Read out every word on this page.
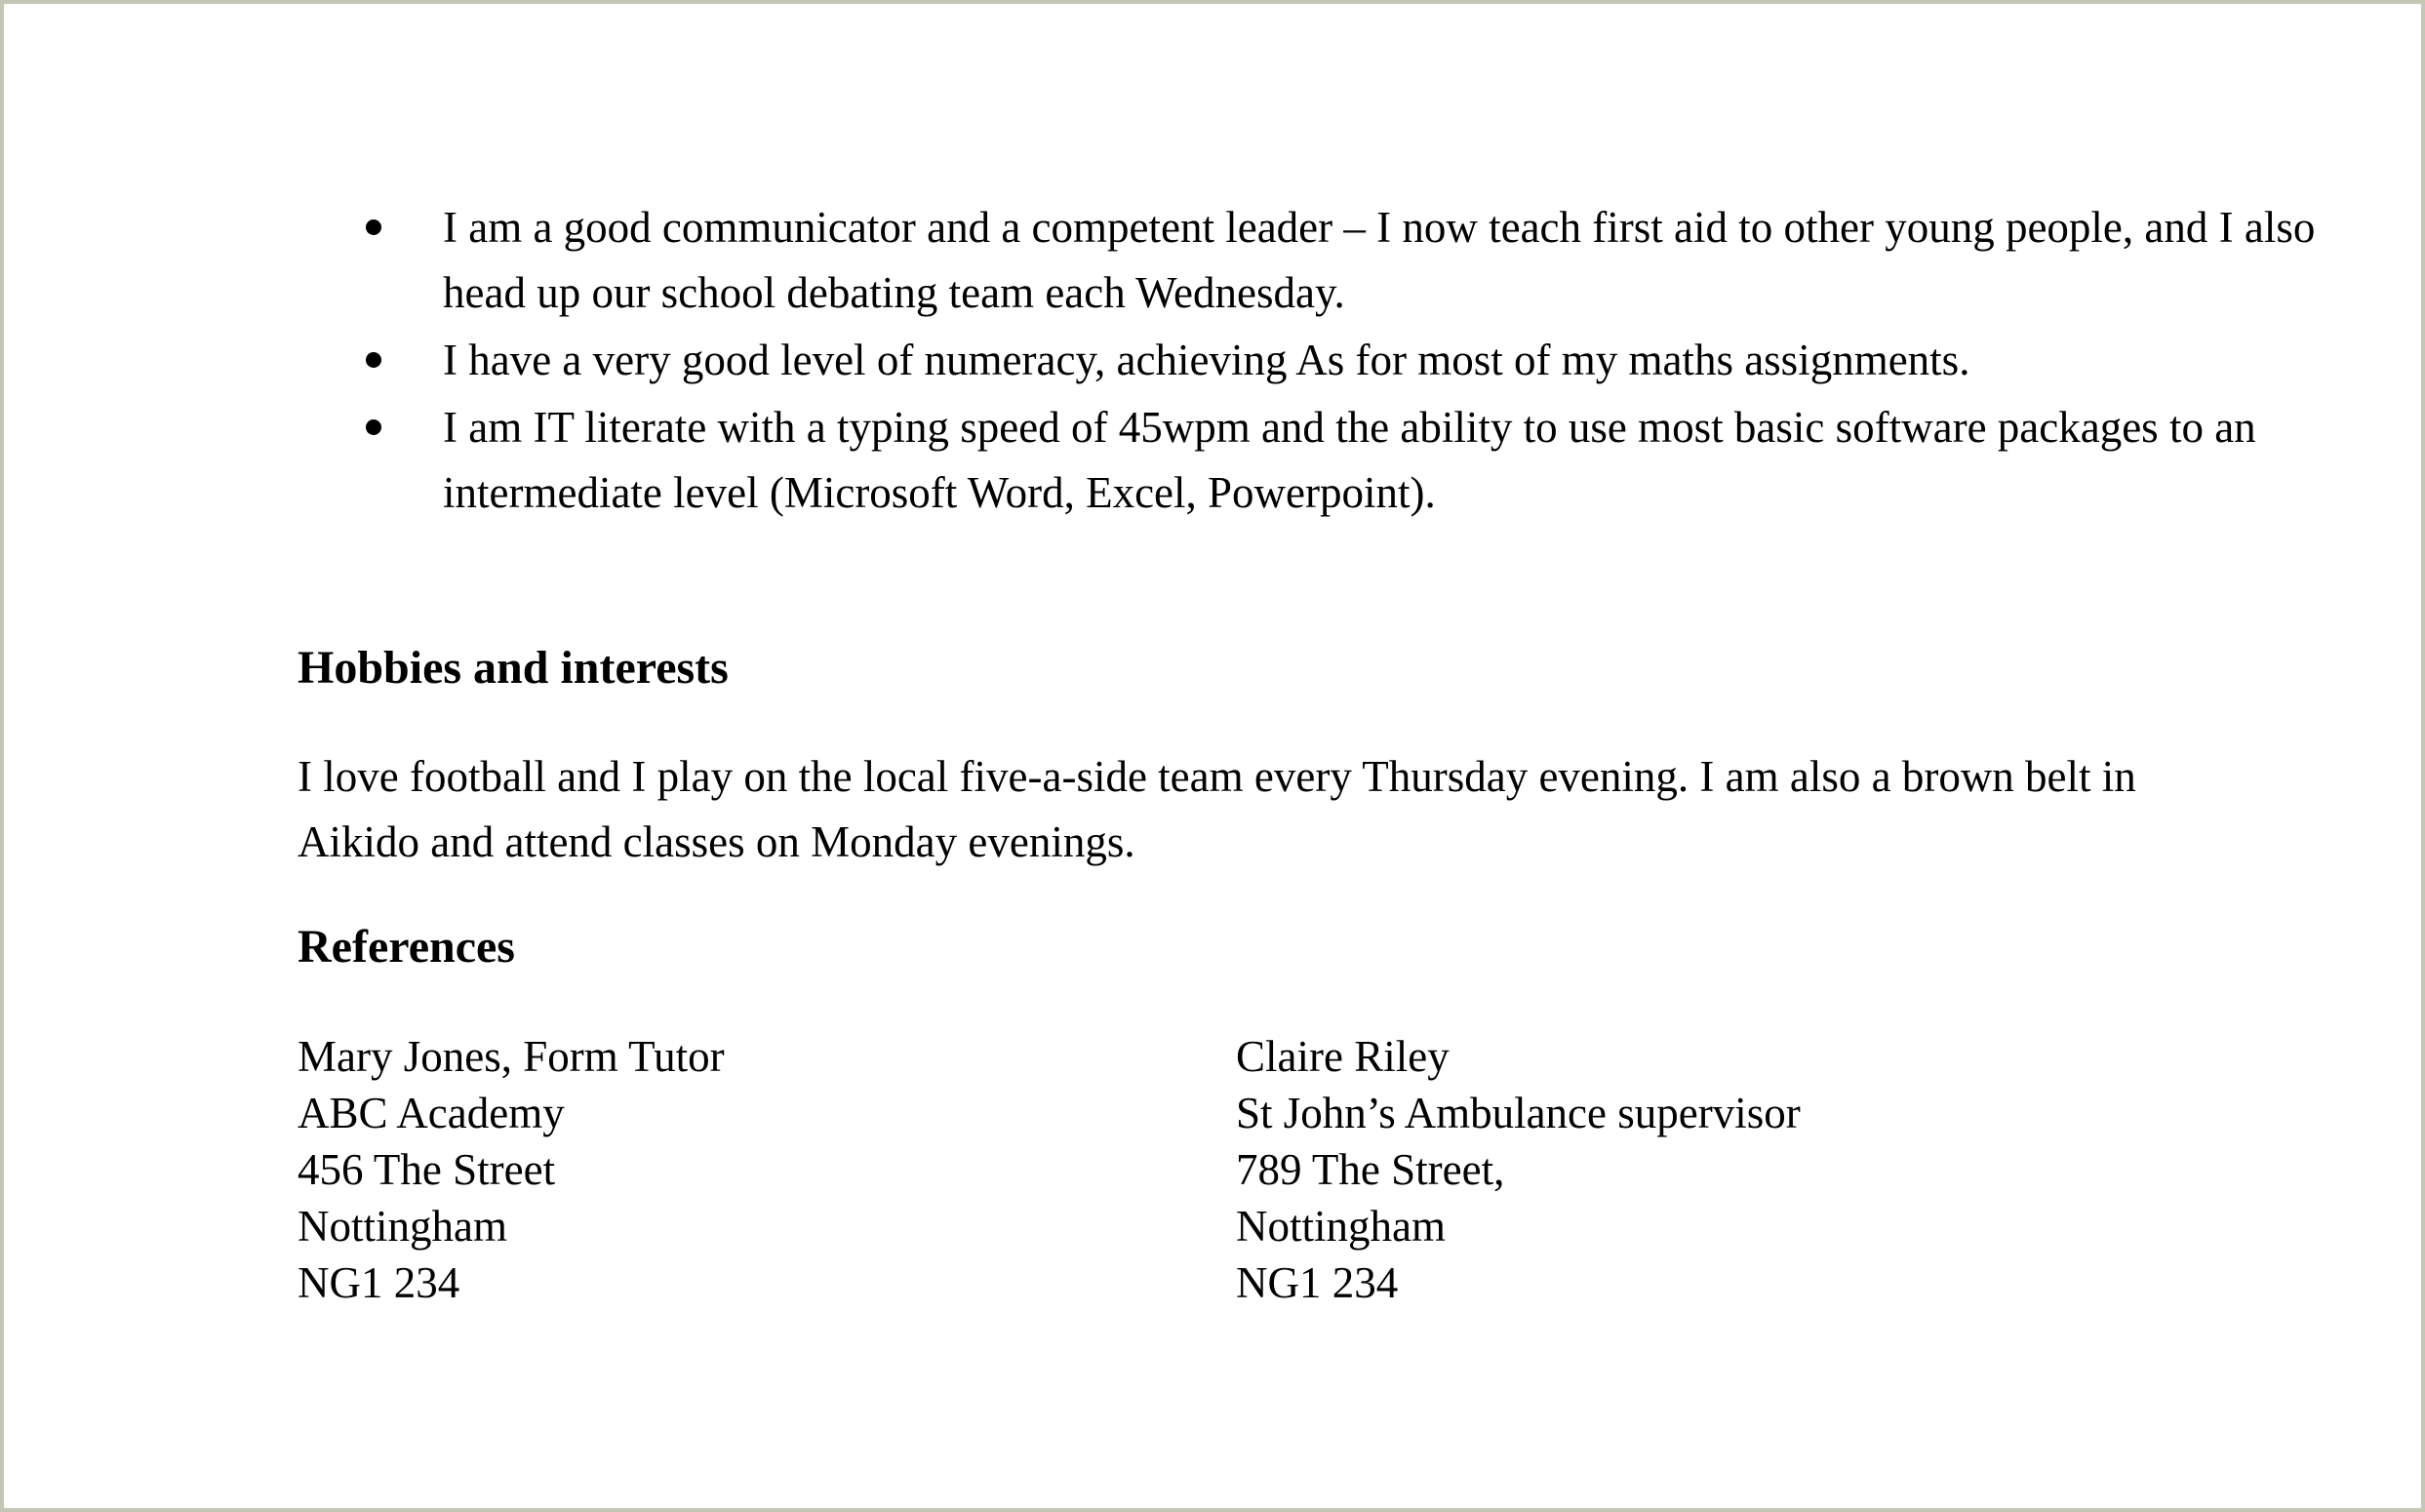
I am a good communicator and a competent leader – I now teach first aid to other young people, and I also head up our school debating team each Wednesday.
I have a very good level of numeracy, achieving As for most of my maths assignments.
I am IT literate with a typing speed of 45wpm and the ability to use most basic software packages to an intermediate level (Microsoft Word, Excel, Powerpoint).
Hobbies and interests

I love football and I play on the local five-a-side team every Thursday evening. I am also a brown belt in Aikido and attend classes on Monday evenings.

References
Mary Jones, Form Tutor
ABC Academy
456 The Street
Nottingham
NG1 234
Claire Riley
St John’s Ambulance supervisor
789 The Street,
Nottingham
NG1 234
